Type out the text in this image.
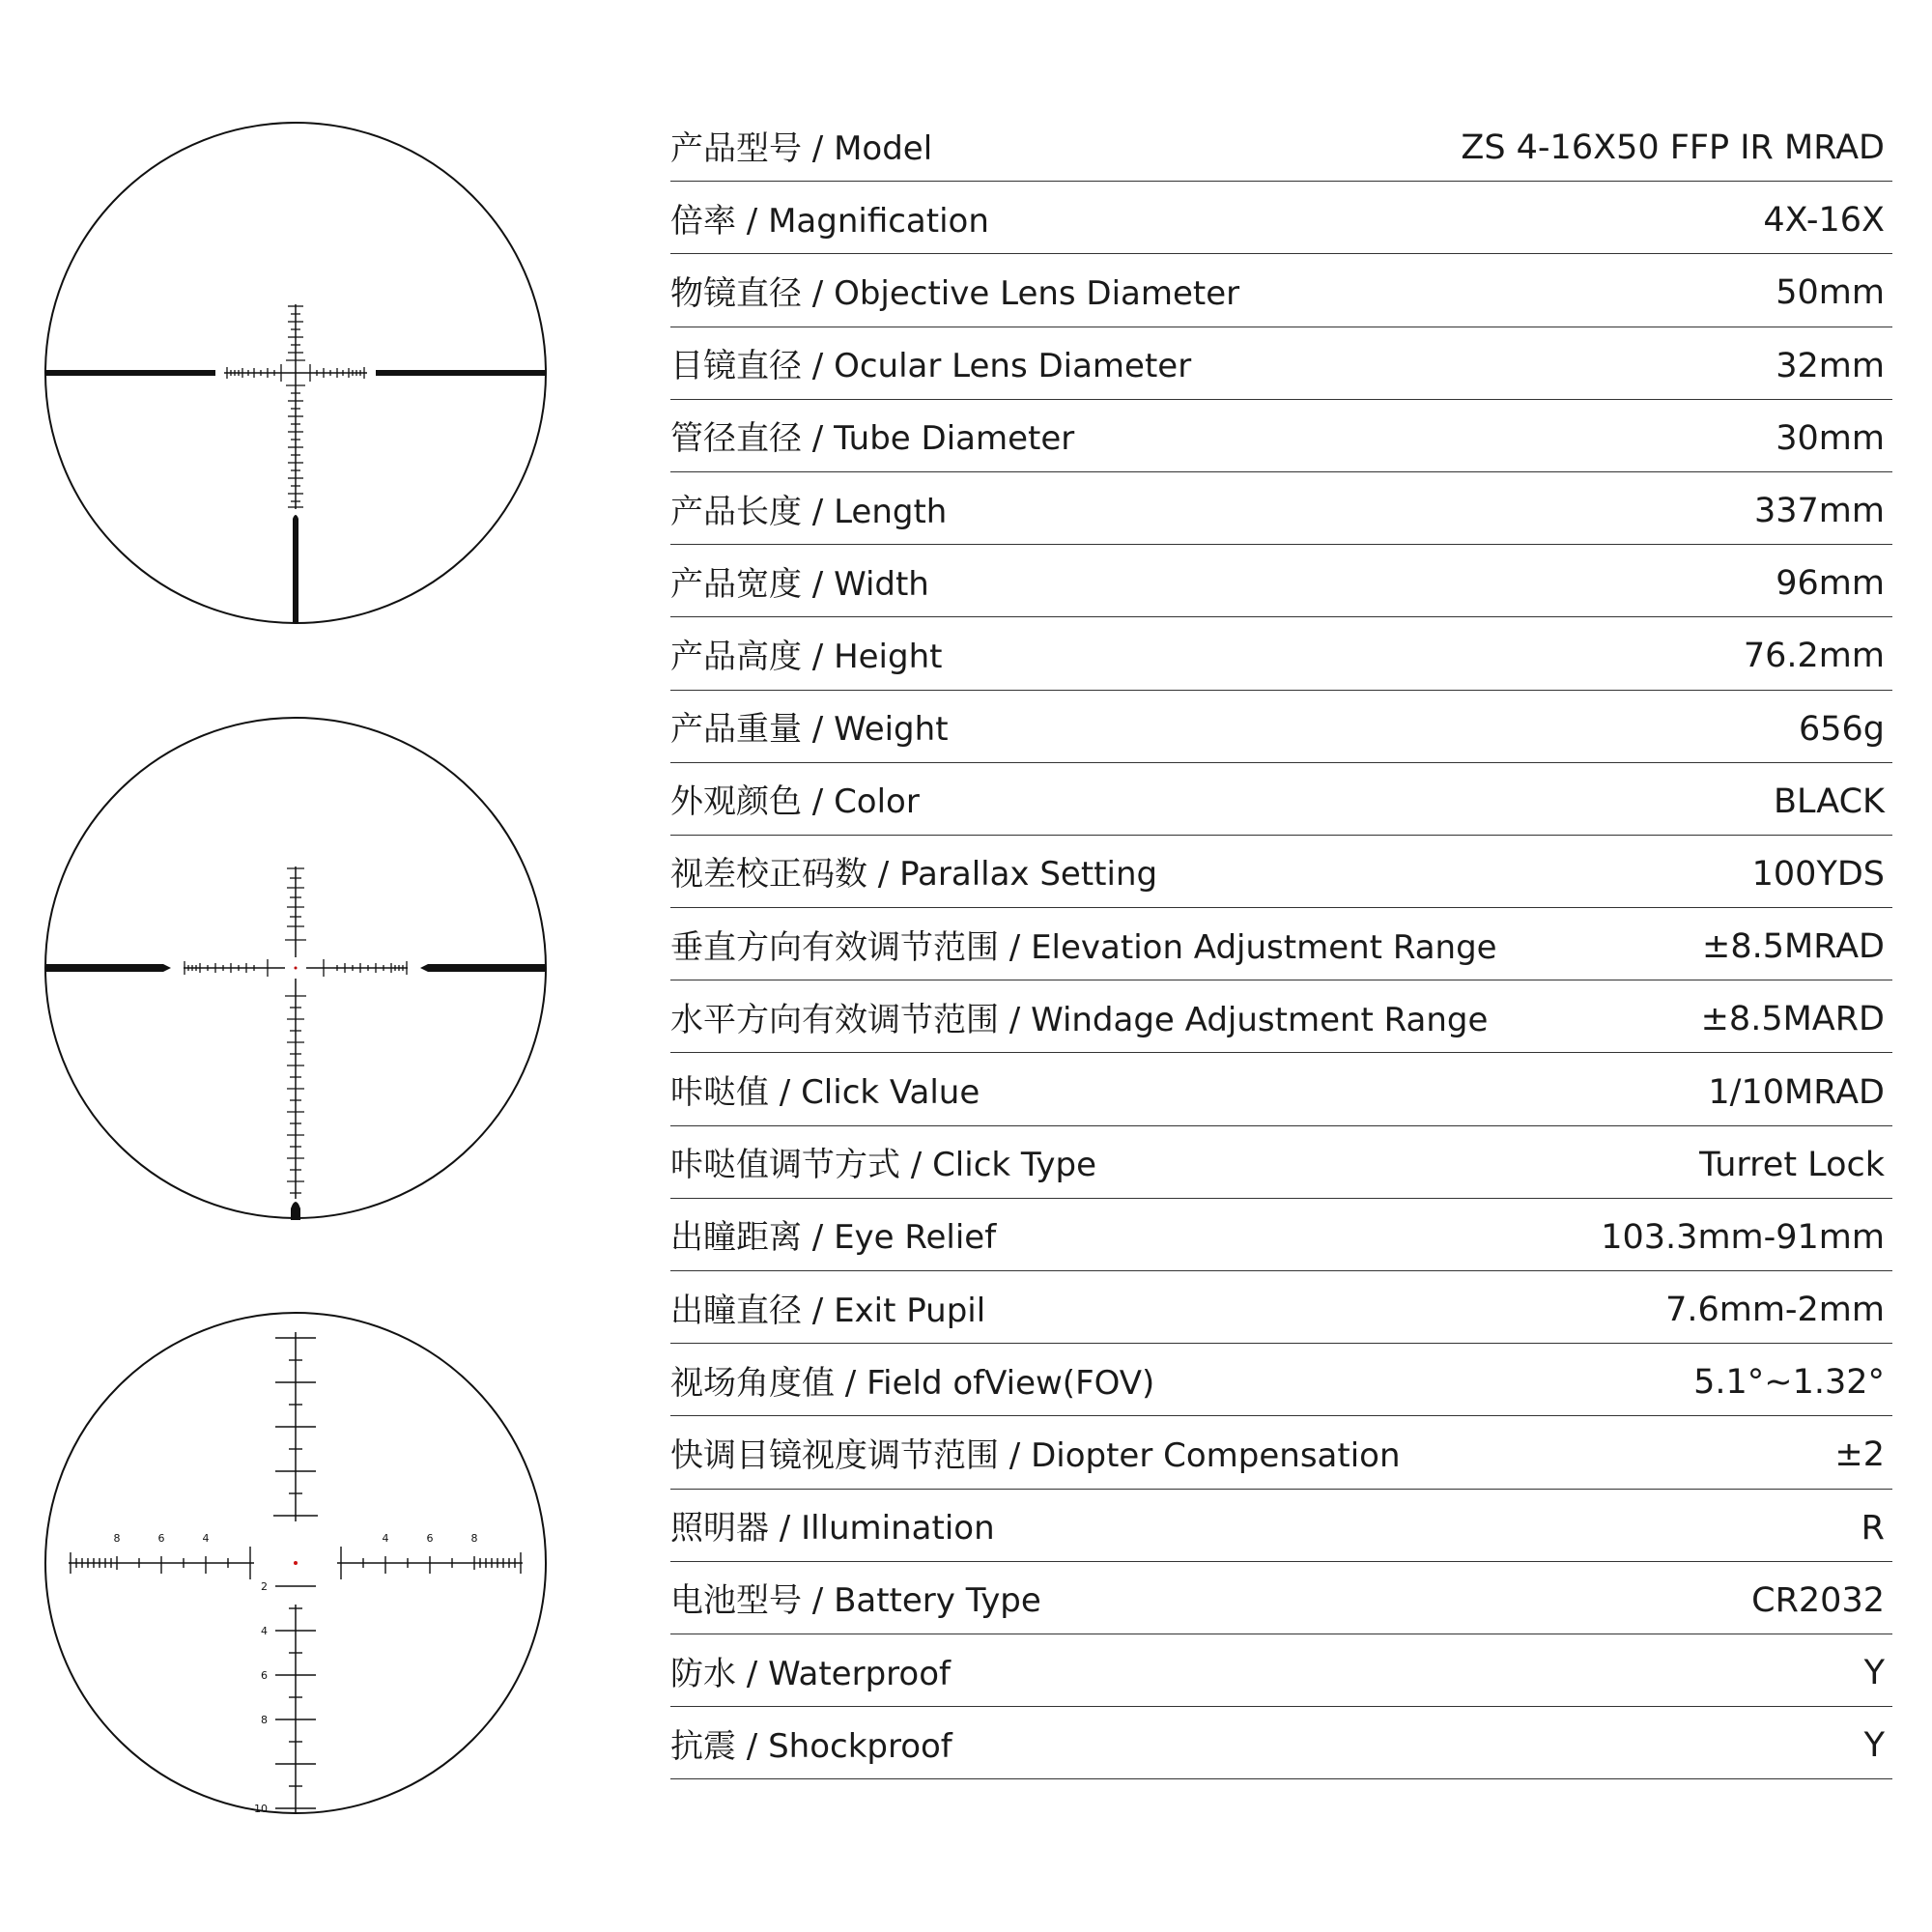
8	6	4	4	6	8
2
4
6
8
10
产品型号 / Model	ZS 4-16X50 FFP IR MRAD
倍率 / Magnification	4X-16X
物镜直径 / Objective Lens Diameter	50mm
目镜直径 / Ocular Lens Diameter	32mm
管径直径 / Tube Diameter	30mm
产品长度 / Length	337mm
产品宽度 / Width	96mm
产品高度 / Height	76.2mm
产品重量 / Weight	656g
外观颜色 / Color	BLACK
视差校正码数 / Parallax Setting	100YDS
垂直方向有效调节范围 / Elevation Adjustment Range	±8.5MRAD
水平方向有效调节范围 / Windage Adjustment Range	±8.5MARD
咔哒值 / Click Value	1/10MRAD
咔哒值调节方式 / Click Type	Turret Lock
出瞳距离 / Eye Relief	103.3mm-91mm
出瞳直径 / Exit Pupil	7.6mm-2mm
视场角度值 / Field ofView(FOV)	5.1°~1.32°
快调目镜视度调节范围 / Diopter Compensation	±2
照明器 / Illumination	R
电池型号 / Battery Type	CR2032
防水 / Waterproof	Y
抗震 / Shockproof	Y
